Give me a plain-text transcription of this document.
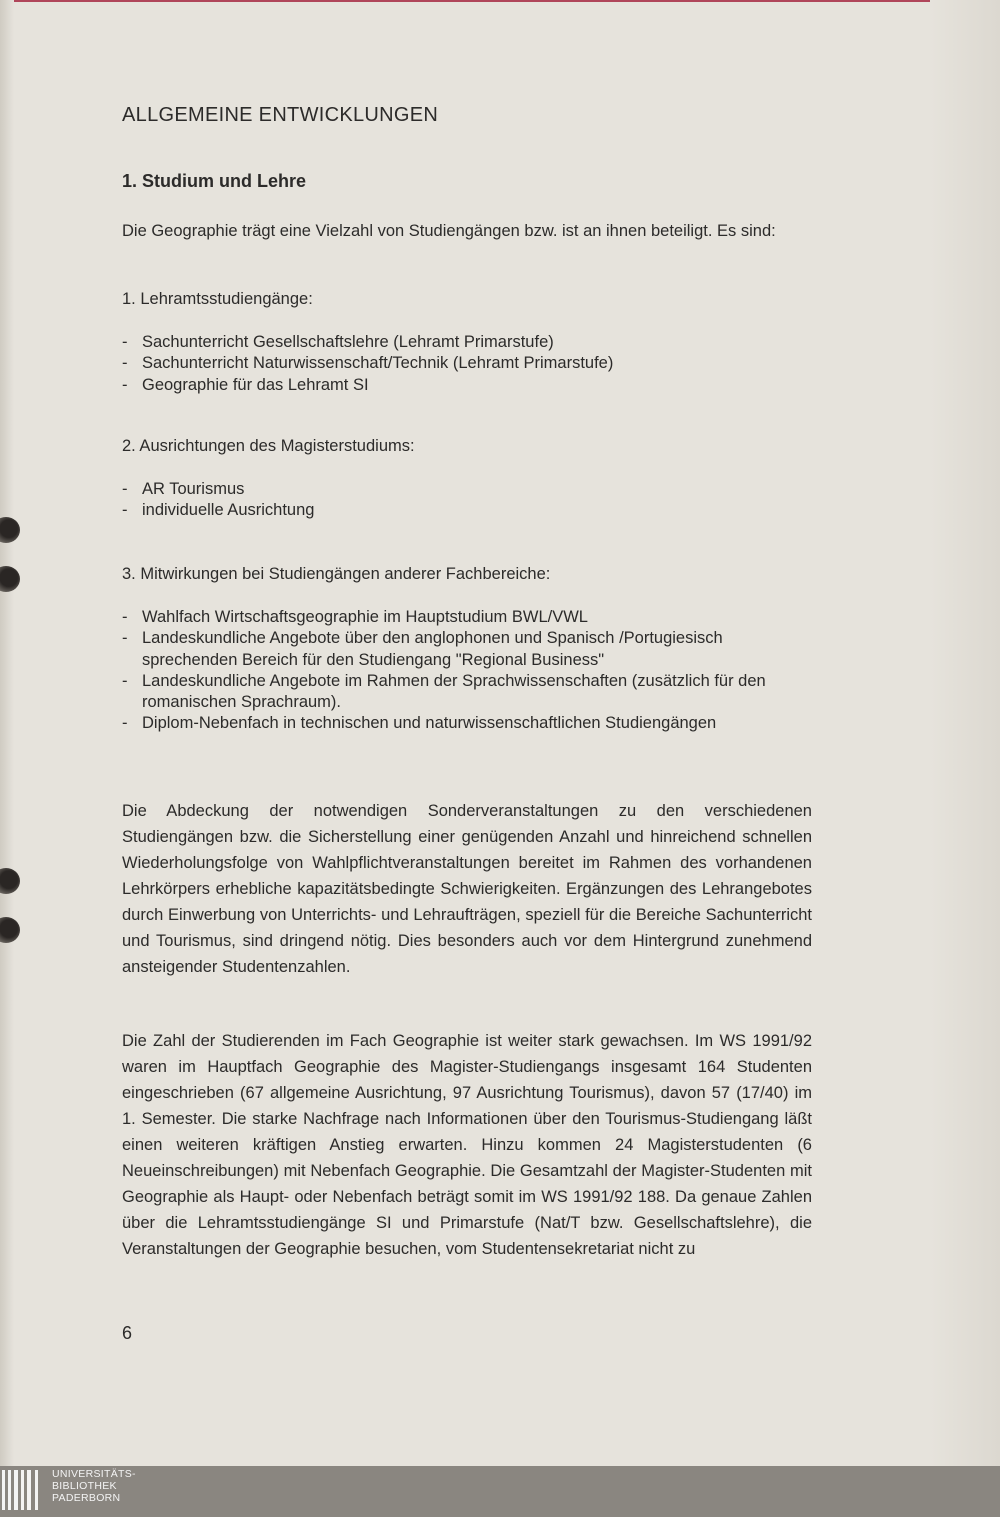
ALLGEMEINE ENTWICKLUNGEN
1. Studium und Lehre

Die Geographie trägt eine Vielzahl von Studiengängen bzw. ist an ihnen beteiligt. Es sind:

1. Lehramtsstudiengänge:
- Sachunterricht Gesellschaftslehre (Lehramt Primarstufe)
- Sachunterricht Naturwissenschaft/Technik (Lehramt Primarstufe)
- Geographie für das Lehramt SI
2. Ausrichtungen des Magisterstudiums:
- AR Tourismus
- individuelle Ausrichtung
3. Mitwirkungen bei Studiengängen anderer Fachbereiche:
- Wahlfach Wirtschaftsgeographie im Hauptstudium BWL/VWL
- Landeskundliche Angebote über den anglophonen und Spanisch /Portugiesisch sprechenden Bereich für den Studiengang "Regional Business"
- Landeskundliche Angebote im Rahmen der Sprachwissenschaften (zusätzlich für den romanischen Sprachraum).
- Diplom-Nebenfach in technischen und naturwissenschaftlichen Studiengängen

Die Abdeckung der notwendigen Sonderveranstaltungen zu den verschiedenen Studiengängen bzw. die Sicherstellung einer genügenden Anzahl und hinreichend schnellen Wiederholungsfolge von Wahlpflichtveranstaltungen bereitet im Rahmen des vorhandenen Lehrkörpers erhebliche kapazitätsbedingte Schwierigkeiten. Ergänzungen des Lehrangebotes durch Einwerbung von Unterrichts- und Lehraufträgen, speziell für die Bereiche Sachunterricht und Tourismus, sind dringend nötig. Dies besonders auch vor dem Hintergrund zunehmend ansteigender Studentenzahlen.

Die Zahl der Studierenden im Fach Geographie ist weiter stark gewachsen. Im WS 1991/92 waren im Hauptfach Geographie des Magister-Studiengangs insgesamt 164 Studenten eingeschrieben (67 allgemeine Ausrichtung, 97 Ausrichtung Tourismus), davon 57 (17/40) im 1. Semester. Die starke Nachfrage nach Informationen über den Tourismus-Studiengang läßt einen weiteren kräftigen Anstieg erwarten. Hinzu kommen 24 Magisterstudenten (6 Neueinschreibungen) mit Nebenfach Geographie. Die Gesamtzahl der Magister-Studenten mit Geographie als Haupt- oder Nebenfach beträgt somit im WS 1991/92 188. Da genaue Zahlen über die Lehramtsstudiengänge SI und Primarstufe (Nat/T bzw. Gesellschaftslehre), die Veranstaltungen der Geographie besuchen, vom Studentensekretariat nicht zu

6
UNIVERSITÄTS-
BIBLIOTHEK
PADERBORN
